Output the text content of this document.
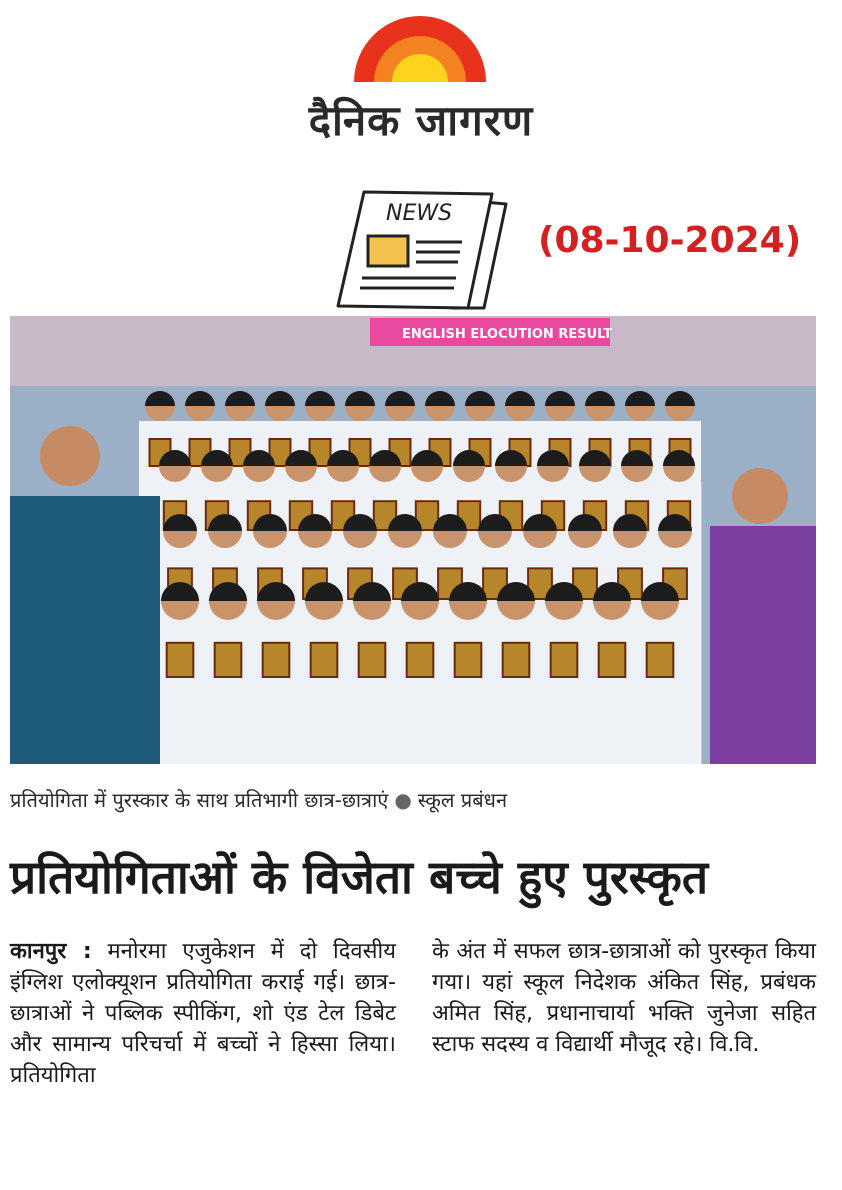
दैनिक जागरण
NEWS
(08-10-2024)
ENGLISH ELOCUTION RESULT
प्रतियोगिता में पुरस्कार के साथ प्रतिभागी छात्र-छात्राएं ● स्कूल प्रबंधन
प्रतियोगिताओं के विजेता बच्चे हुए पुरस्कृत

कानपुर : मनोरमा एजुकेशन में दो दिवसीय इंग्लिश एलोक्यूशन प्रतियोगिता कराई गई। छात्र-छात्राओं ने पब्लिक स्पीकिंग, शो एंड टेल डिबेट और सामान्य परिचर्चा में बच्चों ने हिस्सा लिया। प्रतियोगिता

के अंत में सफल छात्र-छात्राओं को पुरस्कृत किया गया। यहां स्कूल निदेशक अंकित सिंह, प्रबंधक अमित सिंह, प्रधानाचार्या भक्ति जुनेजा सहित स्टाफ सदस्य व विद्यार्थी मौजूद रहे। वि.वि.
